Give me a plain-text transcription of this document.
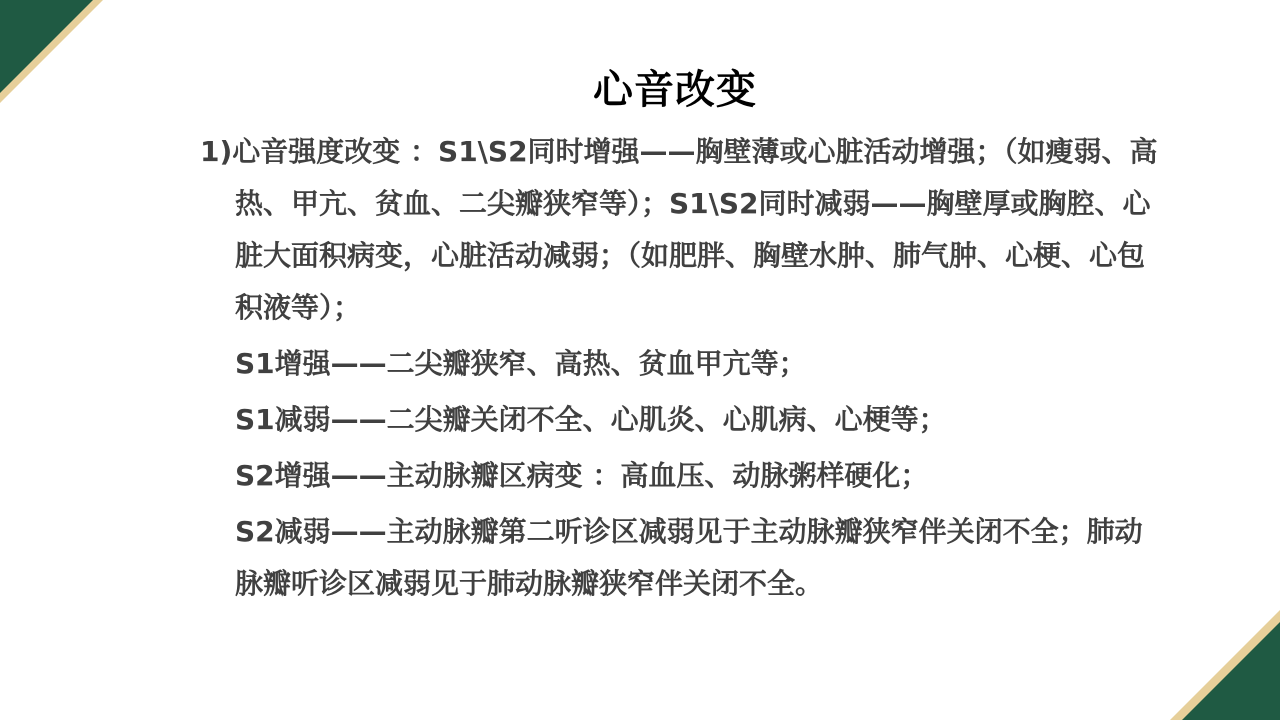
心音改变

1)心音强度改变 ：S1\S2同时增强——胸壁薄或心脏活动增强；（如瘦弱、高热、甲亢、贫血、二尖瓣狭窄等）；S1\S2同时减弱——胸壁厚或胸腔、心脏大面积病变，心脏活动减弱；（如肥胖、胸壁水肿、肺气肿、心梗、心包积液等）；

S1增强——二尖瓣狭窄、高热、贫血甲亢等；

S1减弱——二尖瓣关闭不全、心肌炎、心肌病、心梗等；

S2增强——主动脉瓣区病变 ：高血压、动脉粥样硬化；

S2减弱——主动脉瓣第二听诊区减弱见于主动脉瓣狭窄伴关闭不全；肺动脉瓣听诊区减弱见于肺动脉瓣狭窄伴关闭不全。
